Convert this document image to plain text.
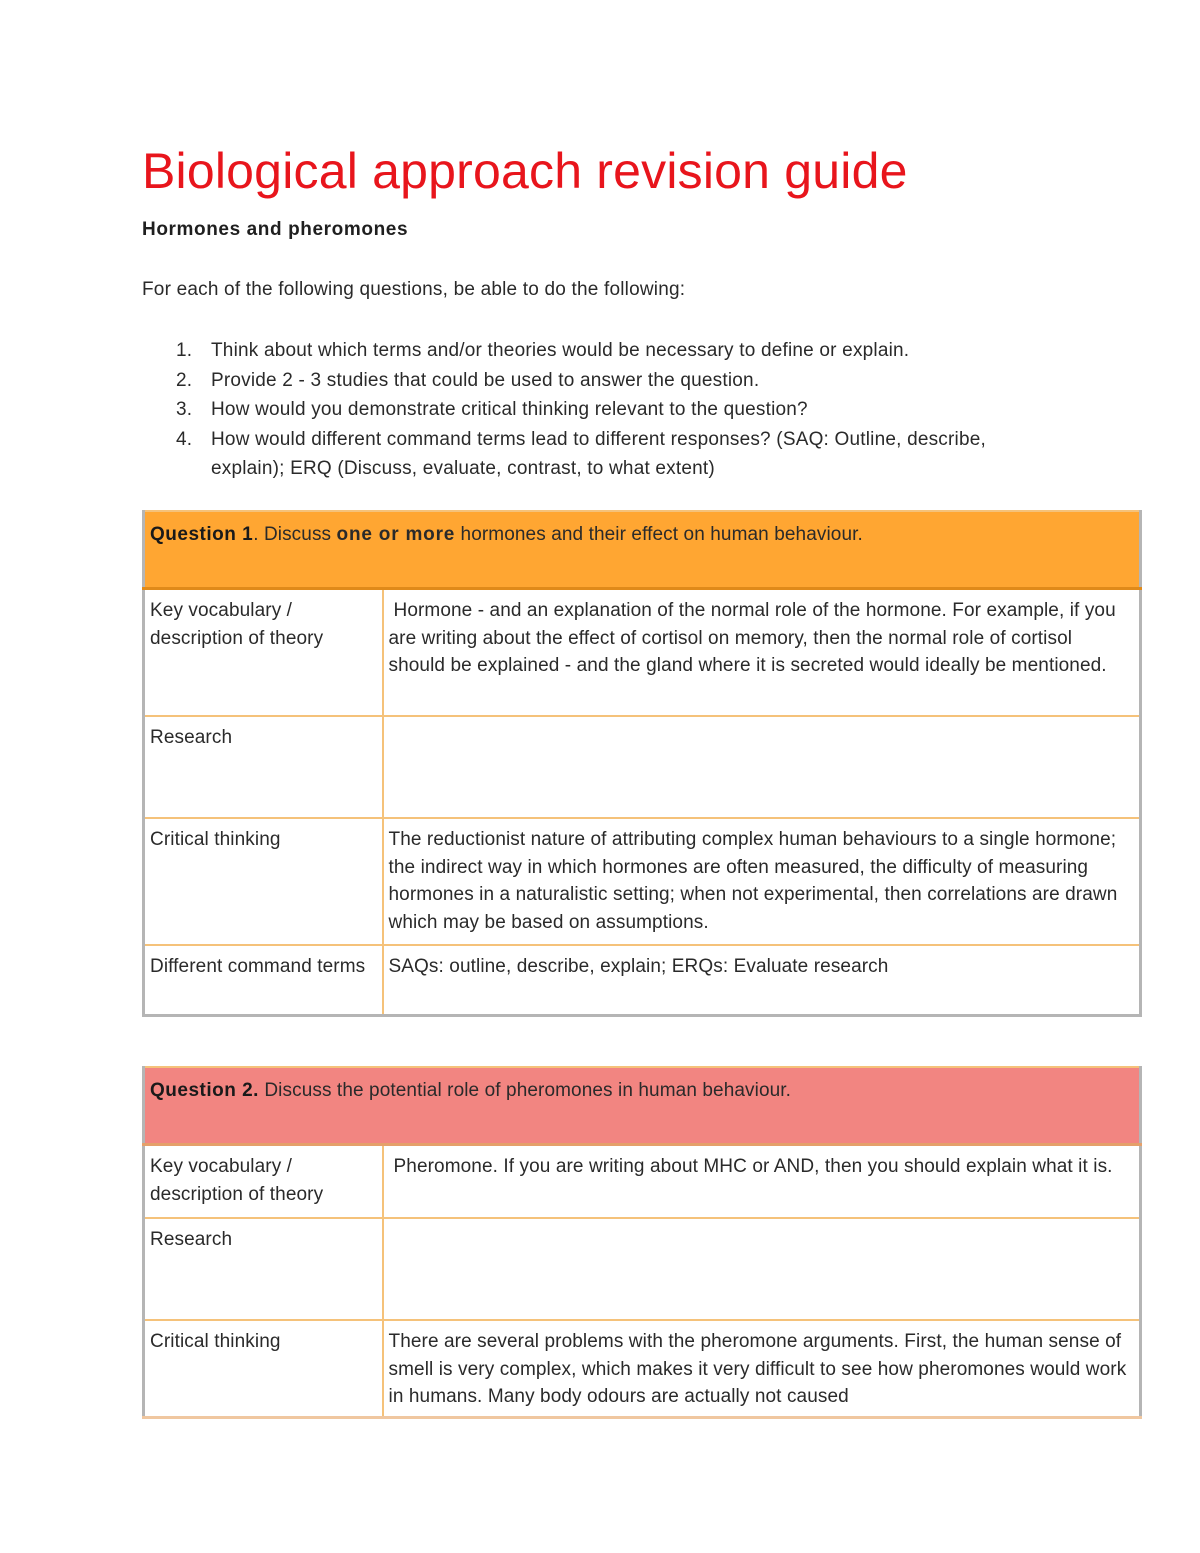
Biological approach revision guide
Hormones and pheromones

For each of the following questions, be able to do the following:

1. Think about which terms and/or theories would be necessary to define or explain.
2. Provide 2 - 3 studies that could be used to answer the question.
3. How would you demonstrate critical thinking relevant to the question?
4. How would different command terms lead to different responses? (SAQ: Outline, describe, explain); ERQ (Discuss, evaluate, contrast, to what extent)
Question 1. Discuss one or more hormones and their effect on human behaviour.	
Key vocabulary / description of theory	Hormone - and an explanation of the normal role of the hormone. For example, if you are writing about the effect of cortisol on memory, then the normal role of cortisol should be explained - and the gland where it is secreted would ideally be mentioned.
Research	
Critical thinking	The reductionist nature of attributing complex human behaviours to a single hormone; the indirect way in which hormones are often measured, the difficulty of measuring hormones in a naturalistic setting; when not experimental, then correlations are drawn which may be based on assumptions.
Different command terms	SAQs: outline, describe, explain; ERQs: Evaluate research
Question 2. Discuss the potential role of pheromones in human behaviour.	
Key vocabulary / description of theory	Pheromone. If you are writing about MHC or AND, then you should explain what it is.
Research	
Critical thinking	There are several problems with the pheromone arguments. First, the human sense of smell is very complex, which makes it very difficult to see how pheromones would work in humans. Many body odours are actually not caused
